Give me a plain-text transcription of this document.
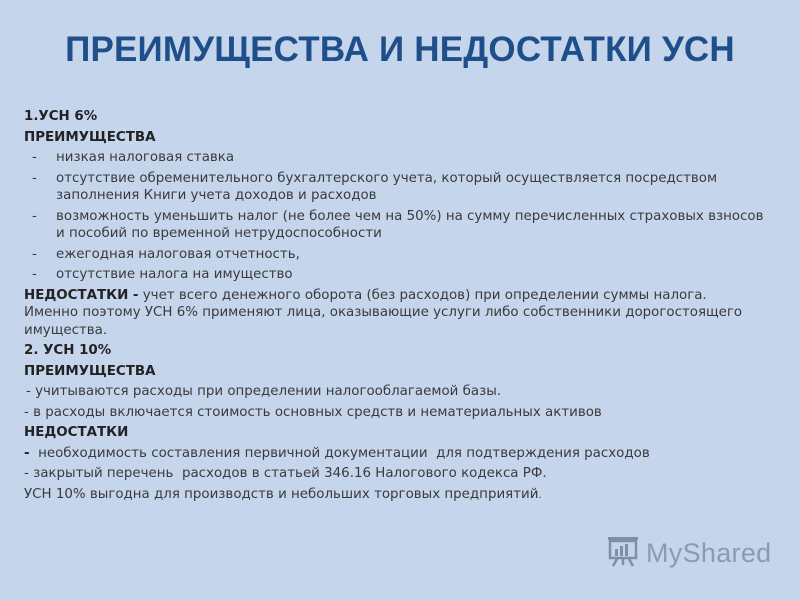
ПРЕИМУЩЕСТВА И НЕДОСТАТКИ УСН

1.УСН 6%

ПРЕИМУЩЕСТВА

- низкая налоговая ставка
- отсутствие обременительного бухгалтерского учета, который осуществляется посредством заполнения Книги учета доходов и расходов
- возможность уменьшить налог (не более чем на 50%) на сумму перечисленных страховых взносов и пособий по временной нетрудоспособности
- ежегодная налоговая отчетность,
- отсутствие налога на имущество

НЕДОСТАТКИ - учет всего денежного оборота (без расходов) при определении суммы налога. Именно поэтому УСН 6% применяют лица, оказывающие услуги либо собственники дорогостоящего имущества.

2. УСН 10%

ПРЕИМУЩЕСТВА

- учитываются расходы при определении налогооблагаемой базы.

- в расходы включается стоимость основных средств и нематериальных активов

НЕДОСТАТКИ

-  необходимость составления первичной документации  для подтверждения расходов

- закрытый перечень  расходов в статьей 346.16 Налогового кодекса РФ.

УСН 10% выгодна для производств и небольших торговых предприятий.

MyShared
